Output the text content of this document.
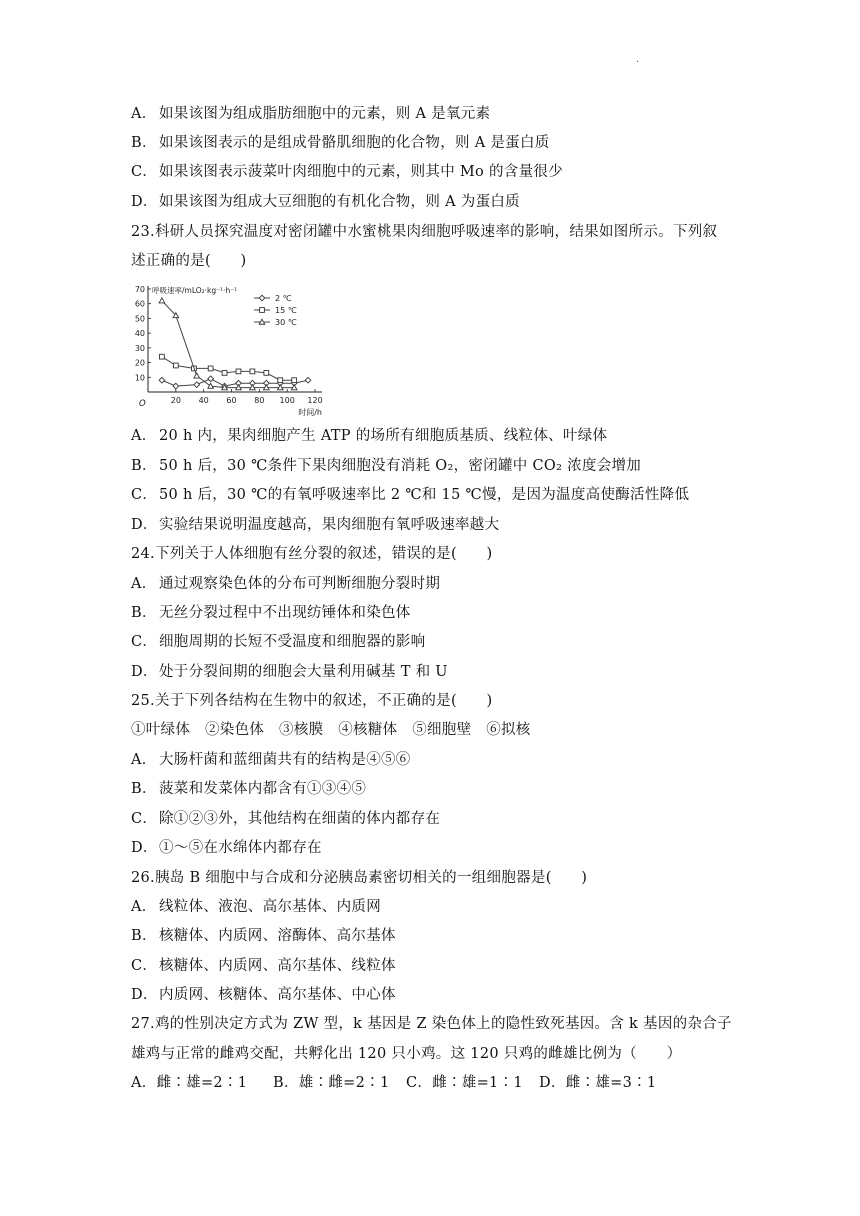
.
A． 如果该图为组成脂肪细胞中的元素，则 A 是氧元素
B． 如果该图表示的是组成骨骼肌细胞的化合物，则 A 是蛋白质
C． 如果该图表示菠菜叶肉细胞中的元素，则其中 Mo 的含量很少
D．如果该图为组成大豆细胞的有机化合物，则 A 为蛋白质
23.科研人员探究温度对密闭罐中水蜜桃果肉细胞呼吸速率的影响，结果如图所示。下列叙
述正确的是(　　)
10
20
30
40
50
60
70
20 40 60 80 100 120
O
呼吸速率/mLO₂·kg⁻¹·h⁻¹
时间/h
2 ℃
15 ℃
30 ℃
A． 20 h 内，果肉细胞产生 ATP 的场所有细胞质基质、线粒体、叶绿体
B． 50 h 后，30 ℃条件下果肉细胞没有消耗 O₂，密闭罐中 CO₂ 浓度会增加
C． 50 h 后，30 ℃的有氧呼吸速率比 2 ℃和 15 ℃慢，是因为温度高使酶活性降低
D．实验结果说明温度越高，果肉细胞有氧呼吸速率越大
24.下列关于人体细胞有丝分裂的叙述，错误的是(　　)
A． 通过观察染色体的分布可判断细胞分裂时期
B． 无丝分裂过程中不出现纺锤体和染色体
C． 细胞周期的长短不受温度和细胞器的影响
D．处于分裂间期的细胞会大量利用碱基 T 和 U
25.关于下列各结构在生物中的叙述，不正确的是(　　)
①叶绿体　②染色体　③核膜　④核糖体　⑤细胞壁　⑥拟核
A． 大肠杆菌和蓝细菌共有的结构是④⑤⑥
B． 菠菜和发菜体内都含有①③④⑤
C． 除①②③外，其他结构在细菌的体内都存在
D．①～⑤在水绵体内都存在
26.胰岛 B 细胞中与合成和分泌胰岛素密切相关的一组细胞器是(　　)
A． 线粒体、液泡、高尔基体、内质网
B． 核糖体、内质网、溶酶体、高尔基体
C． 核糖体、内质网、高尔基体、线粒体
D．内质网、核糖体、高尔基体、中心体
27.鸡的性别决定方式为 ZW 型，k 基因是 Z 染色体上的隐性致死基因。含 k 基因的杂合子
雄鸡与正常的雌鸡交配，共孵化出 120 只小鸡。这 120 只鸡的雌雄比例为（　　）
A．雌∶雄=2∶1 B．雄∶雌=2∶1 C．雌∶雄=1∶1 D．雌∶雄=3∶1
